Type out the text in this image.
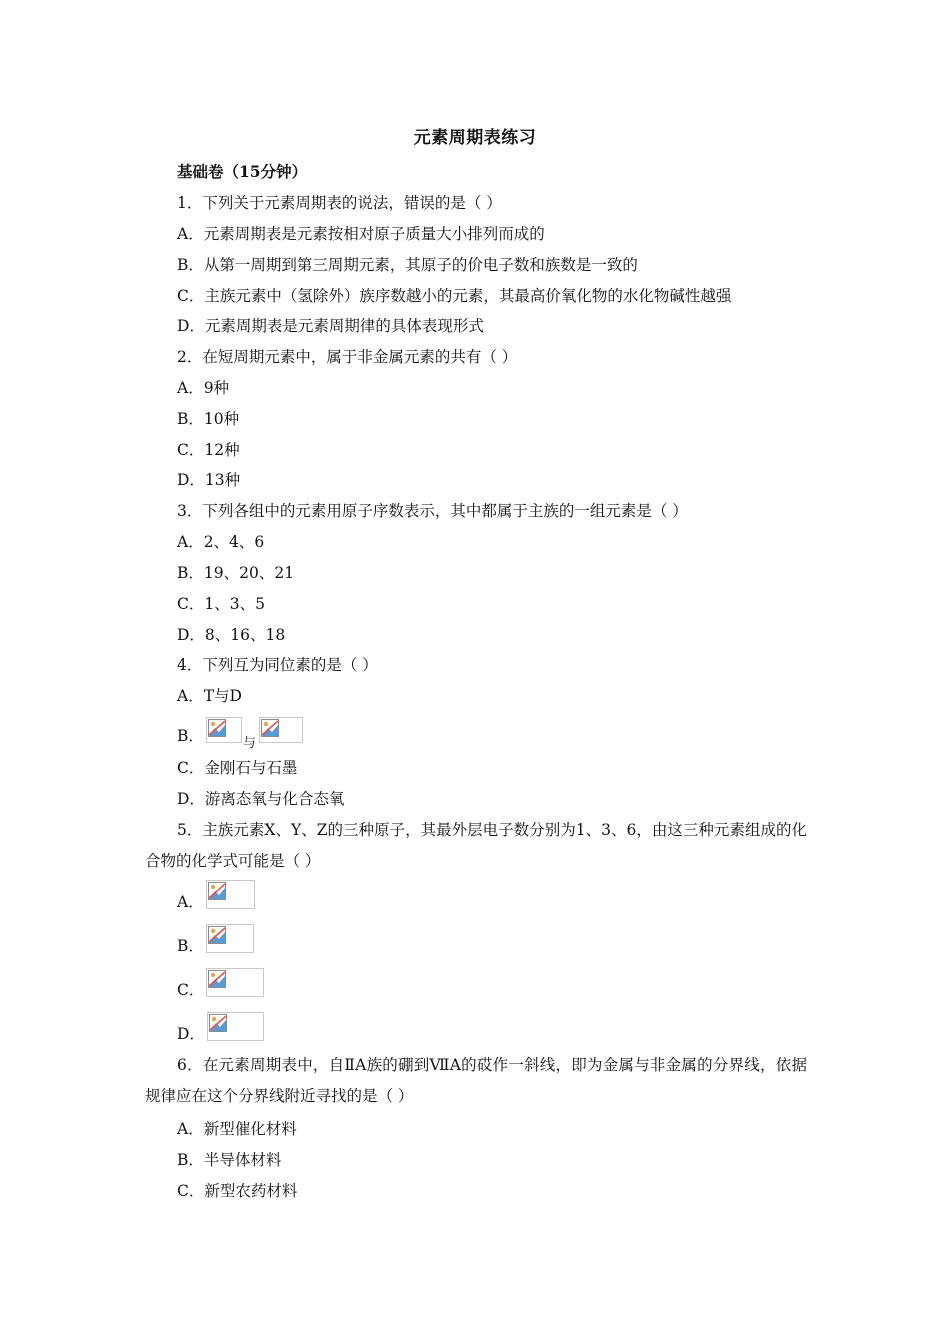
元素周期表练习
基础卷（15分钟）
1．下列关于元素周期表的说法，错误的是（ ）
A．元素周期表是元素按相对原子质量大小排列而成的
B．从第一周期到第三周期元素，其原子的价电子数和族数是一致的
C．主族元素中（氢除外）族序数越小的元素，其最高价氧化物的水化物碱性越强
D．元素周期表是元素周期律的具体表现形式
2．在短周期元素中，属于非金属元素的共有（ ）
A．9种
B．10种
C．12种
D．13种
3．下列各组中的元素用原子序数表示，其中都属于主族的一组元素是（ ）
A．2、4、6
B．19、20、21
C．1、3、5
D．8、16、18
4．下列互为同位素的是（ ）
A．T与D
B．	$_与$
C．金刚石与石墨
D．游离态氧与化合态氧
5．主族元素X、Y、Z的三种原子，其最外层电子数分别为1、3、6，由这三种元素组成的化合物的化学式可能是（ ）
A．
B．
C．
D．
6．在元素周期表中，自ⅡA族的硼到ⅦA的砹作一斜线，即为金属与非金属的分界线，依据规律应在这个分界线附近寻找的是（ ）
A．新型催化材料
B．半导体材料
C．新型农药材料
